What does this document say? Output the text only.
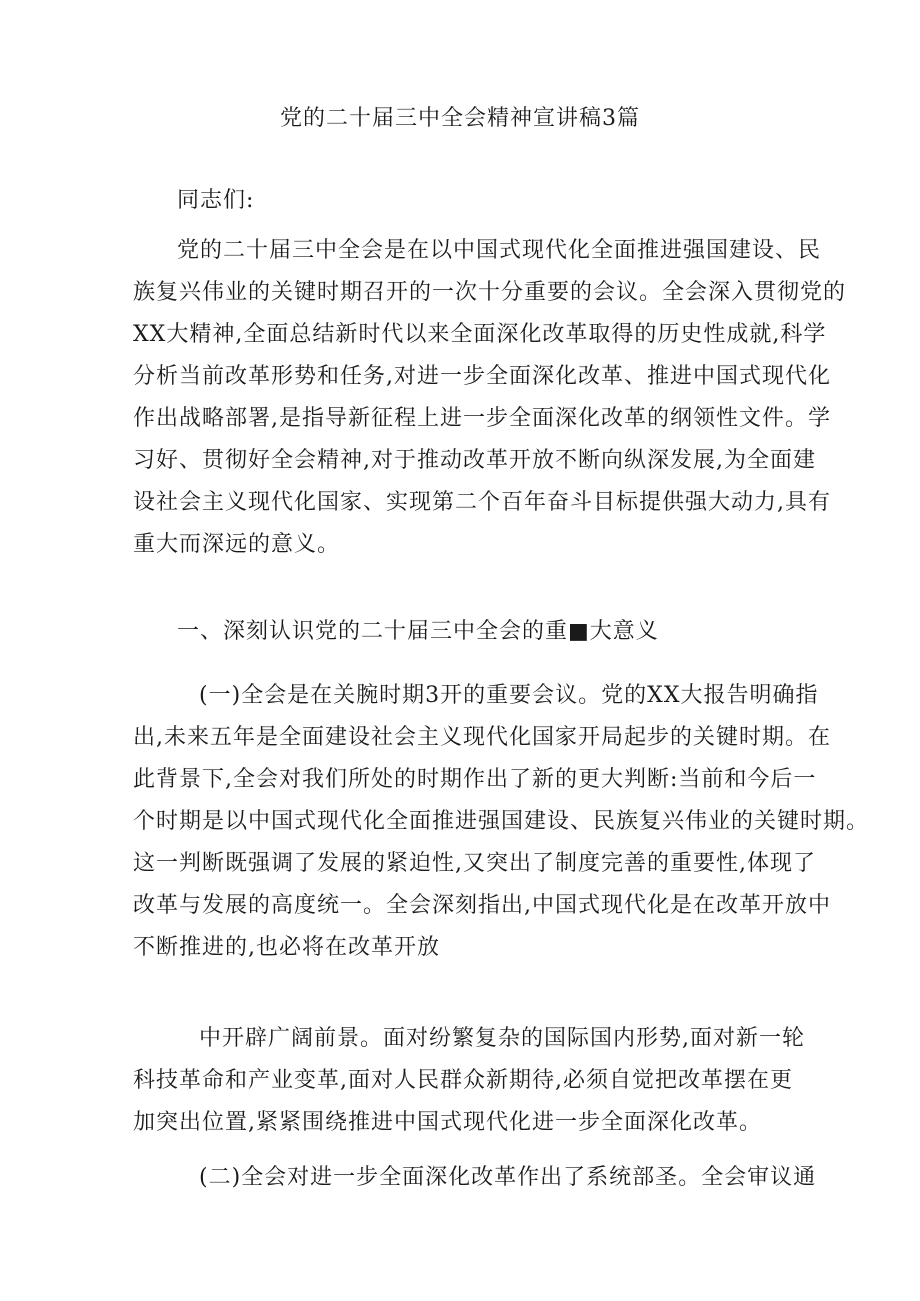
党的二十届三中全会精神宣讲稿3篇
同志们:
党的二十届三中全会是在以中国式现代化全面推进强国建设、民
族复兴伟业的关键时期召开的一次十分重要的会议。全会深入贯彻党的
XX大精神,全面总结新时代以来全面深化改革取得的历史性成就,科学
分析当前改革形势和任务,对进一步全面深化改革、推进中国式现代化
作出战略部署,是指导新征程上进一步全面深化改革的纲领性文件。学
习好、贯彻好全会精神,对于推动改革开放不断向纵深发展,为全面建
设社会主义现代化国家、实现第二个百年奋斗目标提供强大动力,具有
重大而深远的意义。
一、深刻认识党的二十届三中全会的重■大意义
(一)全会是在关腕时期3开的重要会议。党的XX大报告明确指
出,未来五年是全面建设社会主义现代化国家开局起步的关键时期。在
此背景下,全会对我们所处的时期作出了新的更大判断:当前和今后一
个时期是以中国式现代化全面推进强国建设、民族复兴伟业的关键时期。
这一判断既强调了发展的紧迫性,又突出了制度完善的重要性,体现了
改革与发展的高度统一。全会深刻指出,中国式现代化是在改革开放中
不断推进的,也必将在改革开放
中开辟广阔前景。面对纷繁复杂的国际国内形势,面对新一轮
科技革命和产业变革,面对人民群众新期待,必须自觉把改革摆在更
加突出位置,紧紧围绕推进中国式现代化进一步全面深化改革。
(二)全会对进一步全面深化改革作出了系统部圣。全会审议通
